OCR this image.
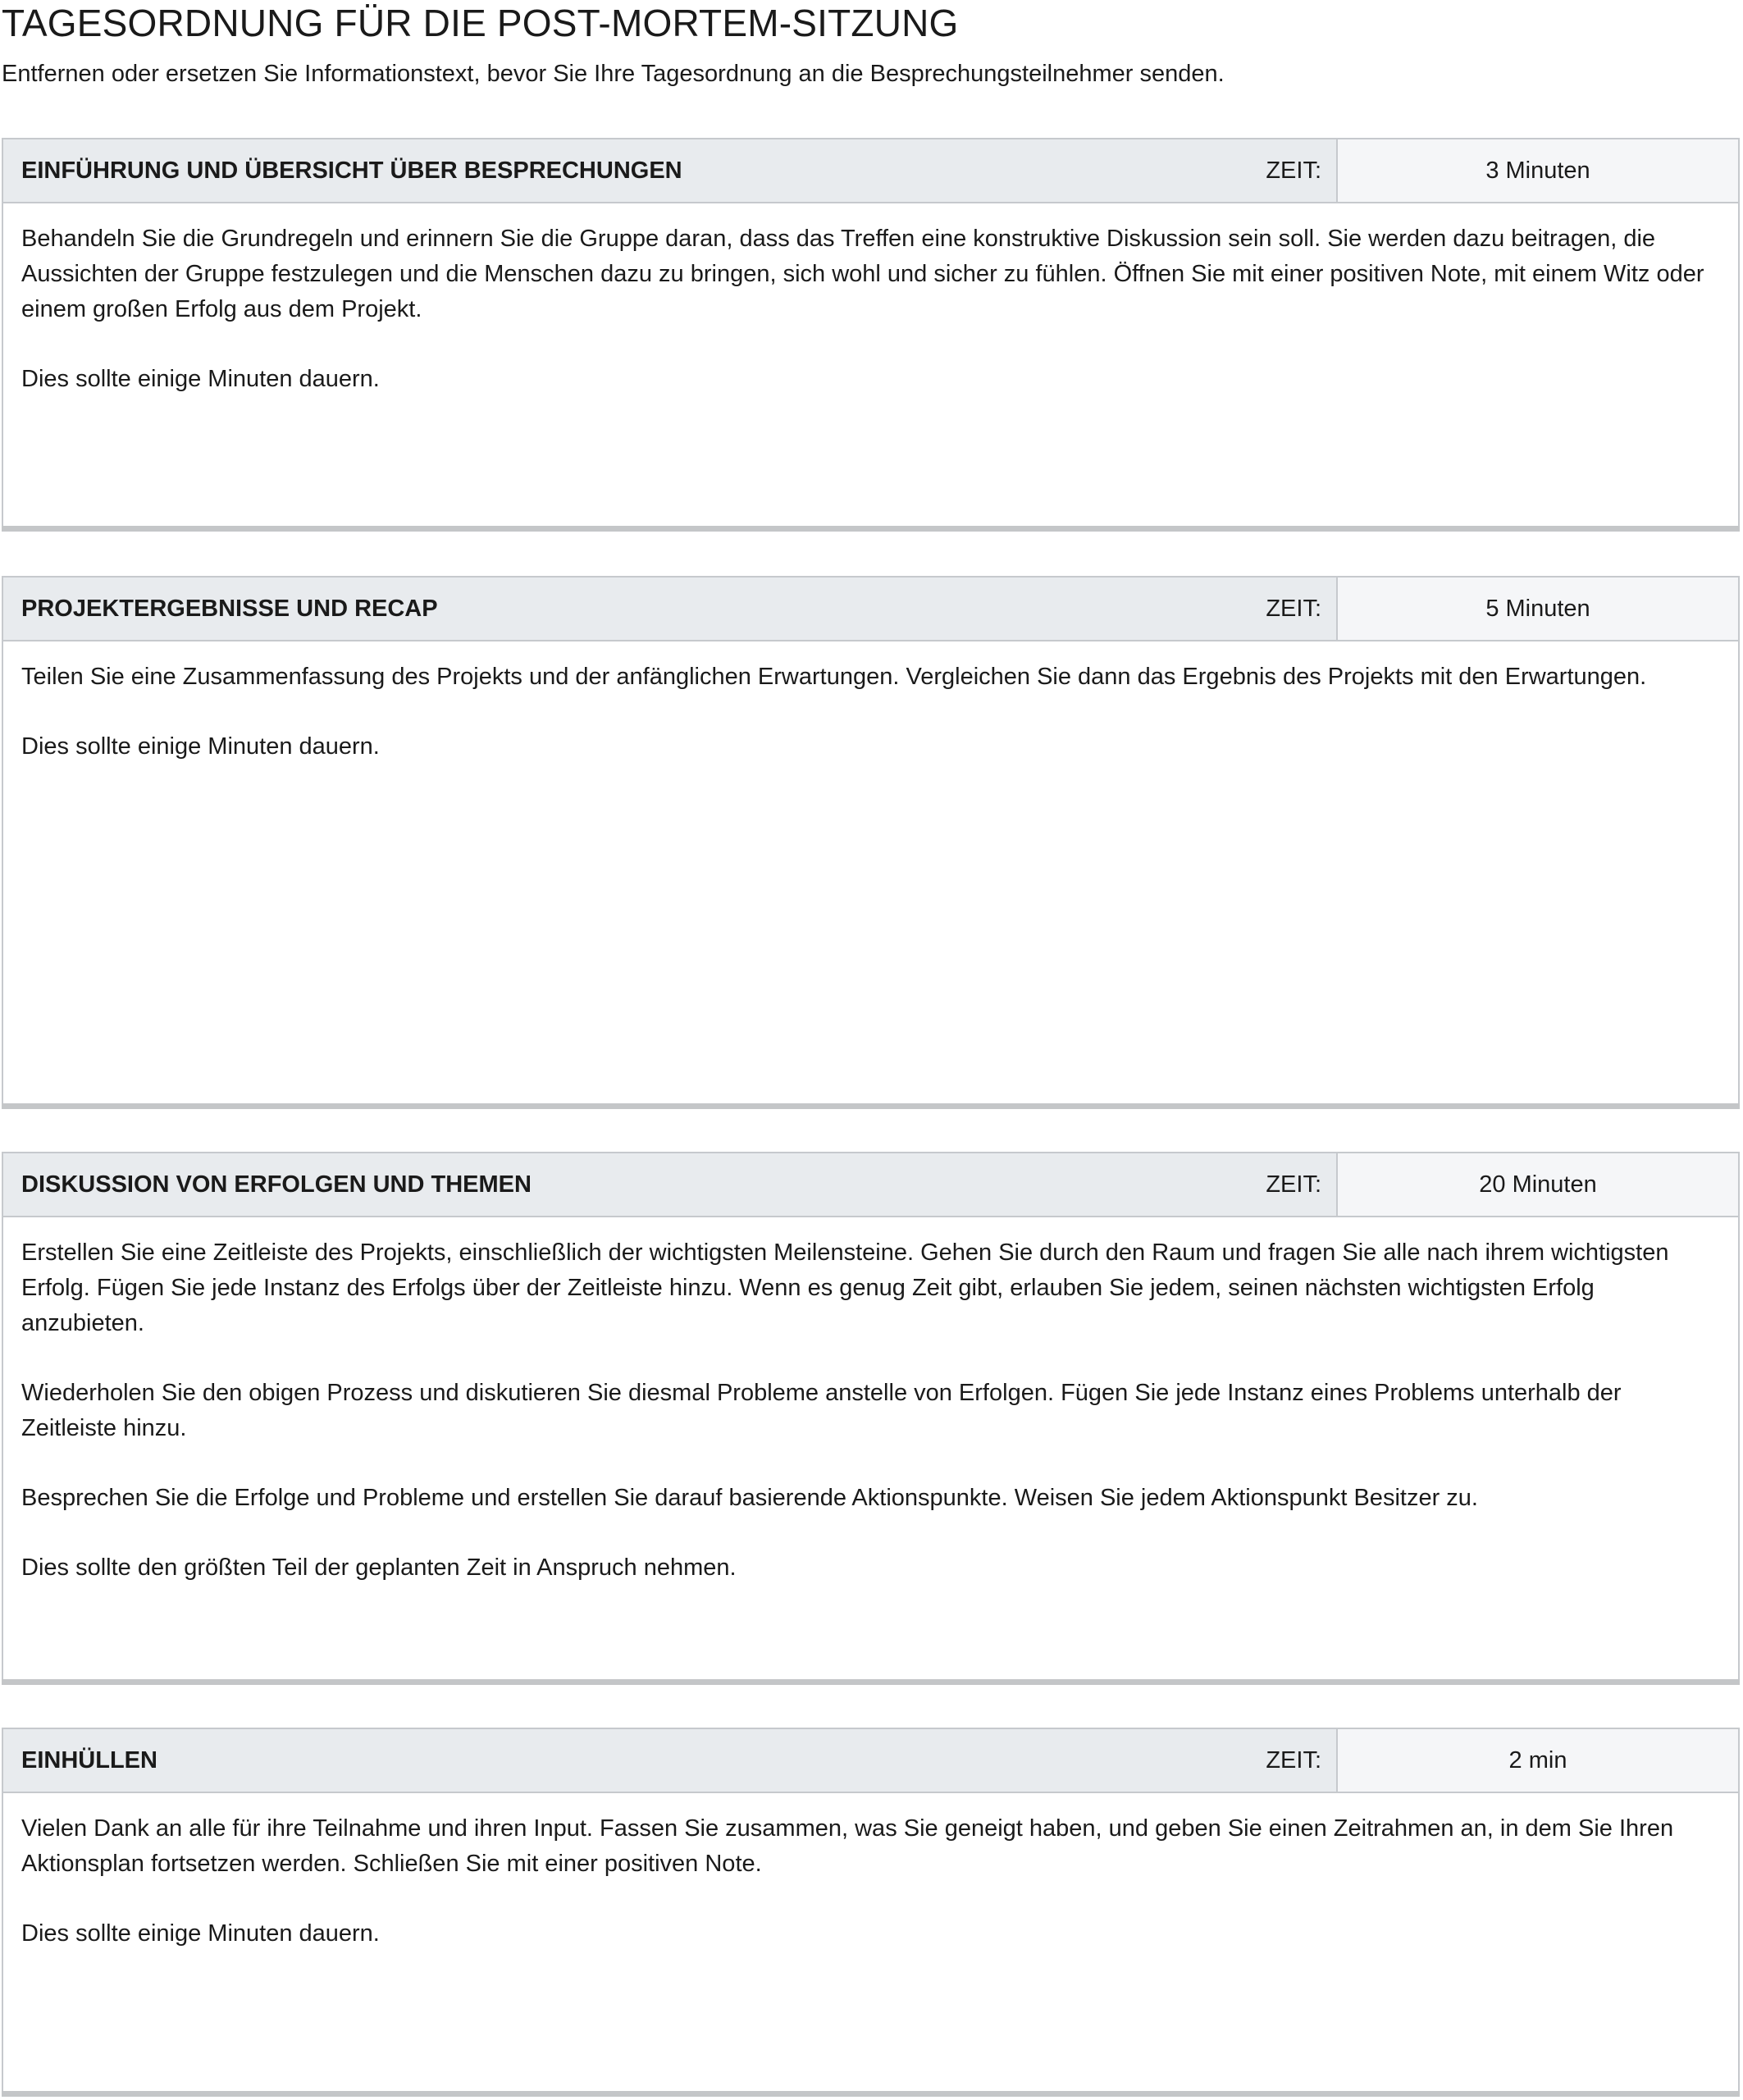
TAGESORDNUNG FÜR DIE POST-MORTEM-SITZUNG

Entfernen oder ersetzen Sie Informationstext, bevor Sie Ihre Tagesordnung an die Besprechungsteilnehmer senden.

EINFÜHRUNG UND ÜBERSICHT ÜBER BESPRECHUNGEN	ZEIT:	3 Minuten

Behandeln Sie die Grundregeln und erinnern Sie die Gruppe daran, dass das Treffen eine konstruktive Diskussion sein soll. Sie werden dazu beitragen, die Aussichten der Gruppe festzulegen und die Menschen dazu zu bringen, sich wohl und sicher zu fühlen. Öffnen Sie mit einer positiven Note, mit einem Witz oder einem großen Erfolg aus dem Projekt.

Dies sollte einige Minuten dauern.

PROJEKTERGEBNISSE UND RECAP	ZEIT:	5 Minuten

Teilen Sie eine Zusammenfassung des Projekts und der anfänglichen Erwartungen. Vergleichen Sie dann das Ergebnis des Projekts mit den Erwartungen.

Dies sollte einige Minuten dauern.

DISKUSSION VON ERFOLGEN UND THEMEN	ZEIT:	20 Minuten

Erstellen Sie eine Zeitleiste des Projekts, einschließlich der wichtigsten Meilensteine. Gehen Sie durch den Raum und fragen Sie alle nach ihrem wichtigsten Erfolg. Fügen Sie jede Instanz des Erfolgs über der Zeitleiste hinzu. Wenn es genug Zeit gibt, erlauben Sie jedem, seinen nächsten wichtigsten Erfolg anzubieten.

Wiederholen Sie den obigen Prozess und diskutieren Sie diesmal Probleme anstelle von Erfolgen. Fügen Sie jede Instanz eines Problems unterhalb der Zeitleiste hinzu.

Besprechen Sie die Erfolge und Probleme und erstellen Sie darauf basierende Aktionspunkte. Weisen Sie jedem Aktionspunkt Besitzer zu.

Dies sollte den größten Teil der geplanten Zeit in Anspruch nehmen.

EINHÜLLEN	ZEIT:	2 min

Vielen Dank an alle für ihre Teilnahme und ihren Input. Fassen Sie zusammen, was Sie geneigt haben, und geben Sie einen Zeitrahmen an, in dem Sie Ihren Aktionsplan fortsetzen werden. Schließen Sie mit einer positiven Note.

Dies sollte einige Minuten dauern.
